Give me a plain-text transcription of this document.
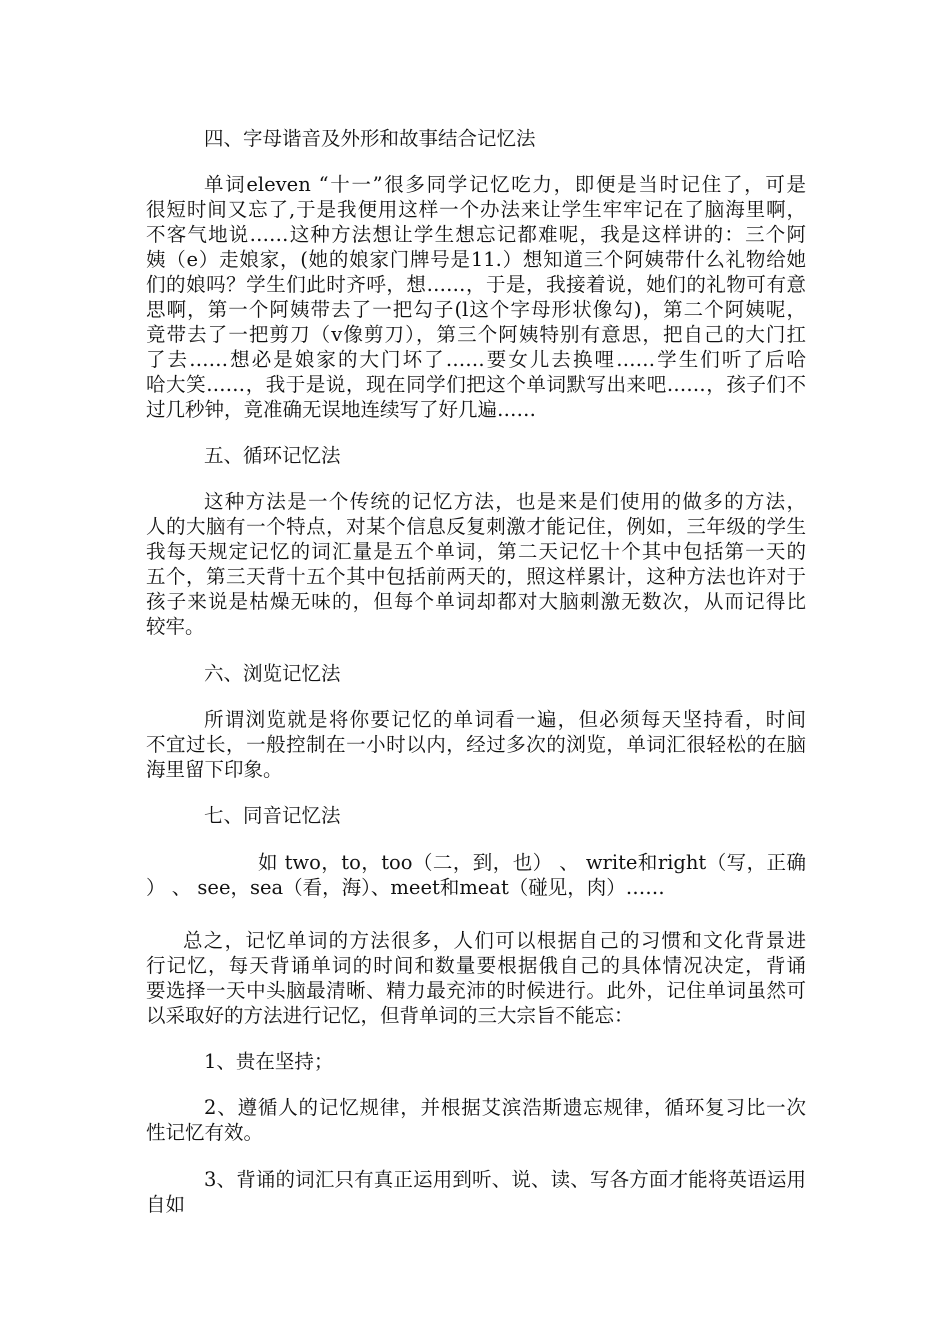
四、字母谐音及外形和故事结合记忆法
单词eleven “十一”很多同学记忆吃力，即便是当时记住了，可是
很短时间又忘了,于是我便用这样一个办法来让学生牢牢记在了脑海里啊，
不客气地说……这种方法想让学生想忘记都难呢，我是这样讲的：三个阿
姨（e）走娘家，(她的娘家门牌号是11.）想知道三个阿姨带什么礼物给她
们的娘吗？学生们此时齐呼，想……，于是，我接着说，她们的礼物可有意
思啊，第一个阿姨带去了一把勾子(l这个字母形状像勾)，第二个阿姨呢，
竟带去了一把剪刀（v像剪刀），第三个阿姨特别有意思，把自己的大门扛
了去……想必是娘家的大门坏了……要女儿去换哩……学生们听了后哈
哈大笑……，我于是说，现在同学们把这个单词默写出来吧……，孩子们不
过几秒钟，竟准确无误地连续写了好几遍……
五、循环记忆法
这种方法是一个传统的记忆方法，也是来是们使用的做多的方法，
人的大脑有一个特点，对某个信息反复刺激才能记住，例如，三年级的学生
我每天规定记忆的词汇量是五个单词，第二天记忆十个其中包括第一天的
五个，第三天背十五个其中包括前两天的，照这样累计，这种方法也许对于
孩子来说是枯燥无味的，但每个单词却都对大脑刺激无数次，从而记得比
较牢。
六、浏览记忆法
所谓浏览就是将你要记忆的单词看一遍，但必须每天坚持看，时间
不宜过长，一般控制在一小时以内，经过多次的浏览，单词汇很轻松的在脑
海里留下印象。
七、同音记忆法
如 two，to，too（二，到，也） 、 write和right（写，正确
） 、 see，sea（看，海）、meet和meat（碰见，肉）……
总之，记忆单词的方法很多，人们可以根据自己的习惯和文化背景进
行记忆，每天背诵单词的时间和数量要根据俄自己的具体情况决定，背诵
要选择一天中头脑最清晰、精力最充沛的时候进行。此外，记住单词虽然可
以采取好的方法进行记忆，但背单词的三大宗旨不能忘：
1、贵在坚持；
2、遵循人的记忆规律，并根据艾滨浩斯遗忘规律，循环复习比一次
性记忆有效。
3、背诵的词汇只有真正运用到听、说、读、写各方面才能将英语运用
自如
